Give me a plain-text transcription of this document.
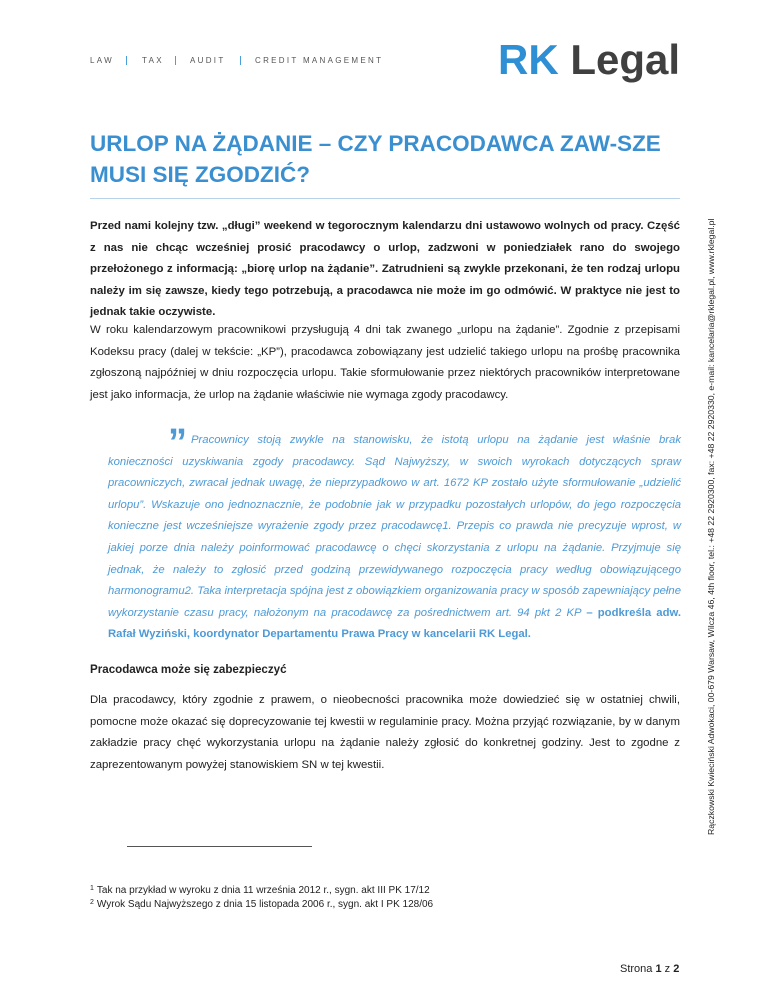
LAW	TAX	AUDIT	CREDIT MANAGEMENT	RK Legal
URLOP NA ŻĄDANIE – CZY PRACODAWCA ZAW-SZE MUSI SIĘ ZGODZIĆ?

Przed nami kolejny tzw. „długi” weekend w tegorocznym kalendarzu dni ustawowo wolnych od pracy. Część z nas nie chcąc wcześniej prosić pracodawcy o urlop, zadzwoni w poniedziałek rano do swojego przełożonego z informacją: „biorę urlop na żądanie”. Zatrudnieni są zwykle przekonani, że ten rodzaj urlopu należy im się zawsze, kiedy tego potrzebują, a pracodawca nie może im go odmówić. W praktyce nie jest to jednak takie oczywiste.

W roku kalendarzowym pracownikowi przysługują 4 dni tak zwanego „urlopu na żądanie”. Zgodnie z przepisami Kodeksu pracy (dalej w tekście: „KP”), pracodawca zobowiązany jest udzielić takiego urlopu na prośbę pracownika zgłoszoną najpóźniej w dniu rozpoczęcia urlopu. Takie sformułowanie przez niektórych pracowników interpretowane jest jako informacja, że urlop na żądanie właściwie nie wymaga zgody pracodawcy.

” Pracownicy stoją zwykle na stanowisku, że istotą urlopu na żądanie jest właśnie brak konieczności uzyskiwania zgody pracodawcy. Sąd Najwyższy, w swoich wyrokach dotyczących spraw pracowniczych, zwracał jednak uwagę, że nieprzypadkowo w art. 1672 KP zostało użyte sformułowanie „udzielić urlopu”. Wskazuje ono jednoznacznie, że podobnie jak w przypadku pozostałych urlopów, do jego rozpoczęcia konieczne jest wcześniejsze wyrażenie zgody przez pracodawcę1. Przepis co prawda nie precyzuje wprost, w jakiej porze dnia należy poinformować pracodawcę o chęci skorzystania z urlopu na żądanie. Przyjmuje się jednak, że należy to zgłosić przed godziną przewidywanego rozpoczęcia pracy według obowiązującego harmonogramu2. Taka interpretacja spójna jest z obowiązkiem organizowania pracy w sposób zapewniający pełne wykorzystanie czasu pracy, nałożonym na pracodawcę za pośrednictwem art. 94 pkt 2 KP – podkreśla adw. Rafał Wyziński, koordynator Departamentu Prawa Pracy w kancelarii RK Legal.

Pracodawca może się zabezpieczyć

Dla pracodawcy, który zgodnie z prawem, o nieobecności pracownika może dowiedzieć się w ostatniej chwili, pomocne może okazać się doprecyzowanie tej kwestii w regulaminie pracy. Można przyjąć rozwiązanie, by w danym zakładzie pracy chęć wykorzystania urlopu na żądanie należy zgłosić do konkretnej godziny. Jest to zgodne z zaprezentowanym powyżej stanowiskiem SN w tej kwestii.

$^1$ Tak na przykład w wyroku z dnia 11 września 2012 r., sygn. akt III PK 17/12

$^2$ Wyrok Sądu Najwyższego z dnia 15 listopada 2006 r., sygn. akt I PK 128/06

Rączkowski Kwieciński Adwokaci, 00-679 Warsaw, Wilcza 46, 4th floor, tel.: +48 22 2920300, fax: +48 22 2920330, e-mail: kancelaria@rklegal.pl, www.rklegal.pl
Strona 1 z 2
